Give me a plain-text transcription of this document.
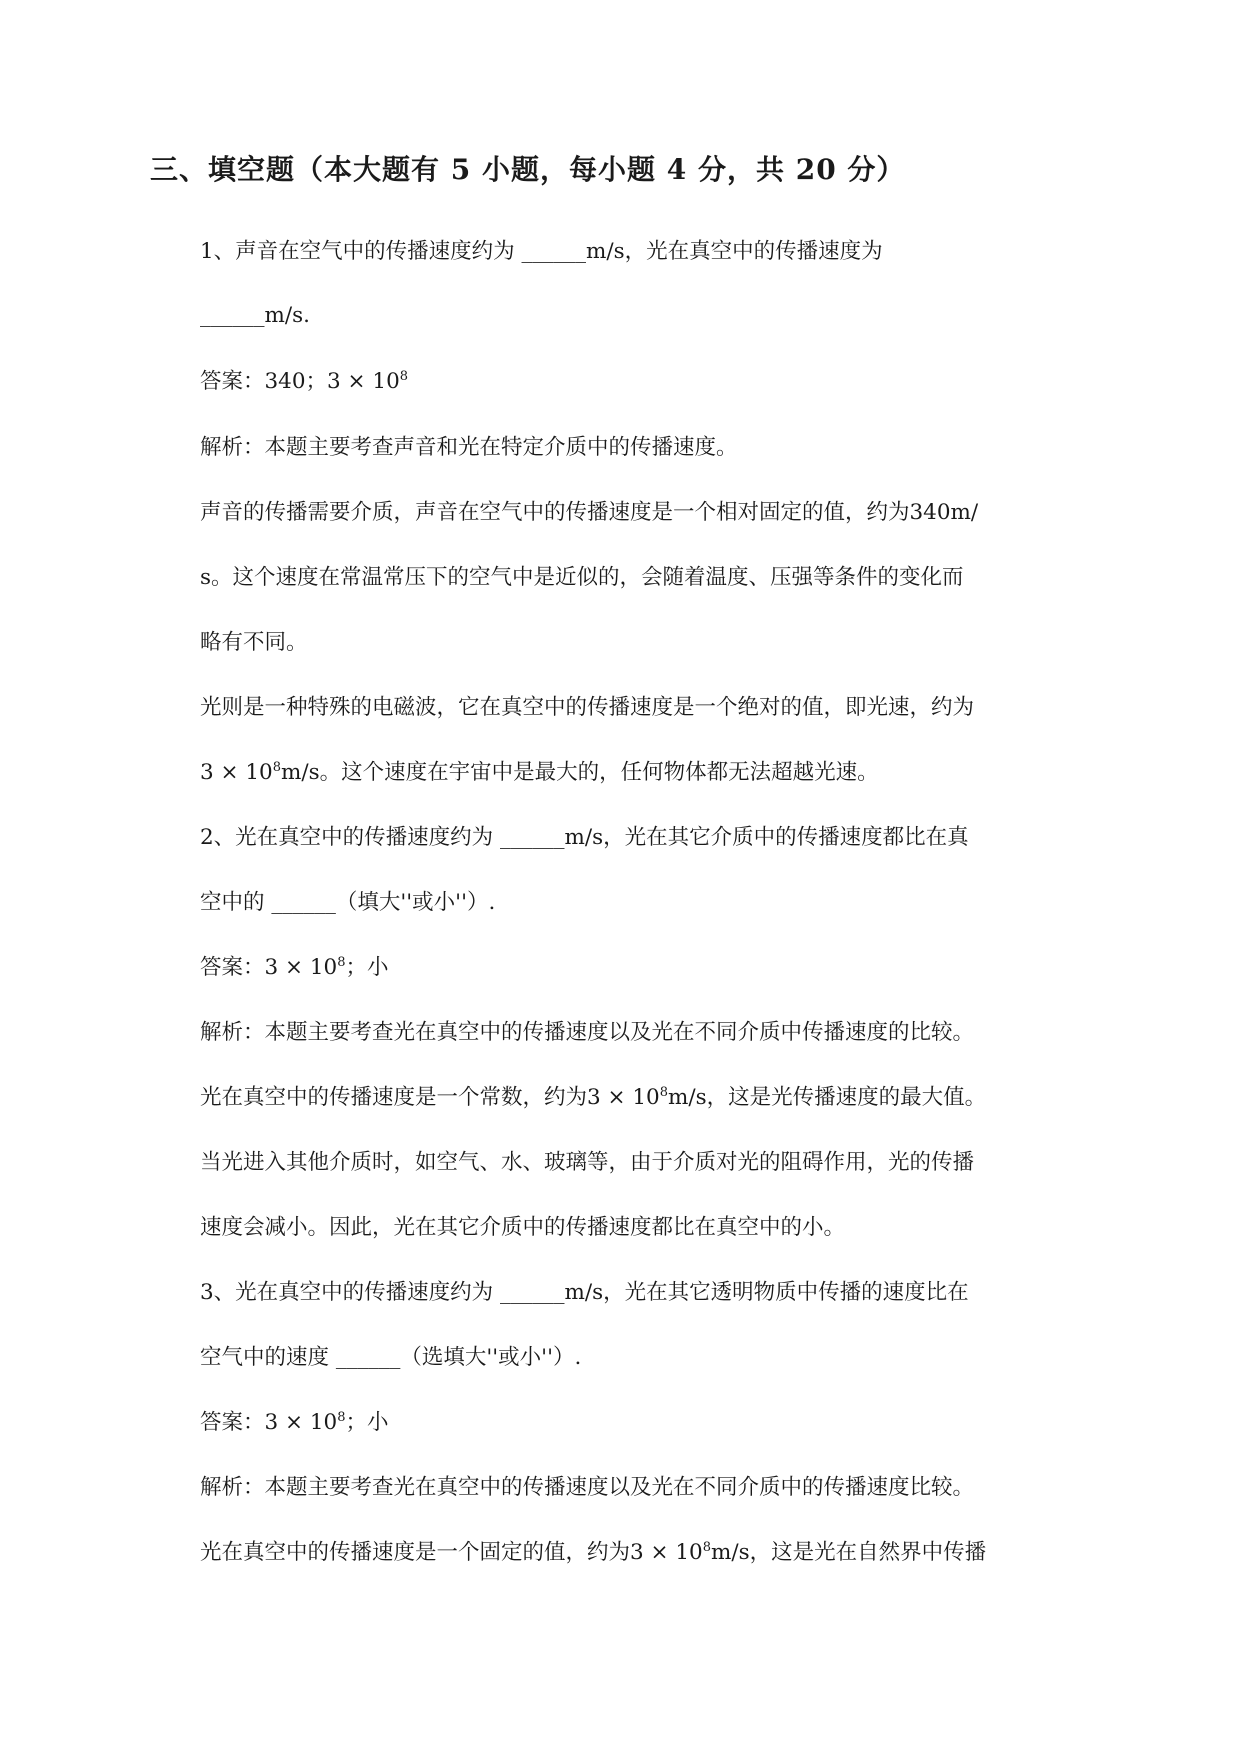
三、填空题（本大题有 5 小题，每小题 4 分，共 20 分）
1、声音在空气中的传播速度约为 ______m/s，光在真空中的传播速度为
______m/s.
答案：340；$3 \times 10^8$
解析：本题主要考查声音和光在特定介质中的传播速度。
声音的传播需要介质，声音在空气中的传播速度是一个相对固定的值，约为340m/
s。这个速度在常温常压下的空气中是近似的，会随着温度、压强等条件的变化而
略有不同。
光则是一种特殊的电磁波，它在真空中的传播速度是一个绝对的值，即光速，约为
$3 \times 10^8m/s$。这个速度在宇宙中是最大的，任何物体都无法超越光速。
2、光在真空中的传播速度约为 ______m/s，光在其它介质中的传播速度都比在真
空中的 ______（填大''或小''）.
答案：$3 \times 10^8$；小
解析：本题主要考查光在真空中的传播速度以及光在不同介质中传播速度的比较。
光在真空中的传播速度是一个常数，约为$3 \times 10^8m/s$，这是光传播速度的最大值。
当光进入其他介质时，如空气、水、玻璃等，由于介质对光的阻碍作用，光的传播
速度会减小。因此，光在其它介质中的传播速度都比在真空中的小。
3、光在真空中的传播速度约为 ______m/s，光在其它透明物质中传播的速度比在
空气中的速度 ______（选填大''或小''）.
答案：$3 \times 10^8$；小
解析：本题主要考查光在真空中的传播速度以及光在不同介质中的传播速度比较。
光在真空中的传播速度是一个固定的值，约为$3 \times 10^8m/s$，这是光在自然界中传播
